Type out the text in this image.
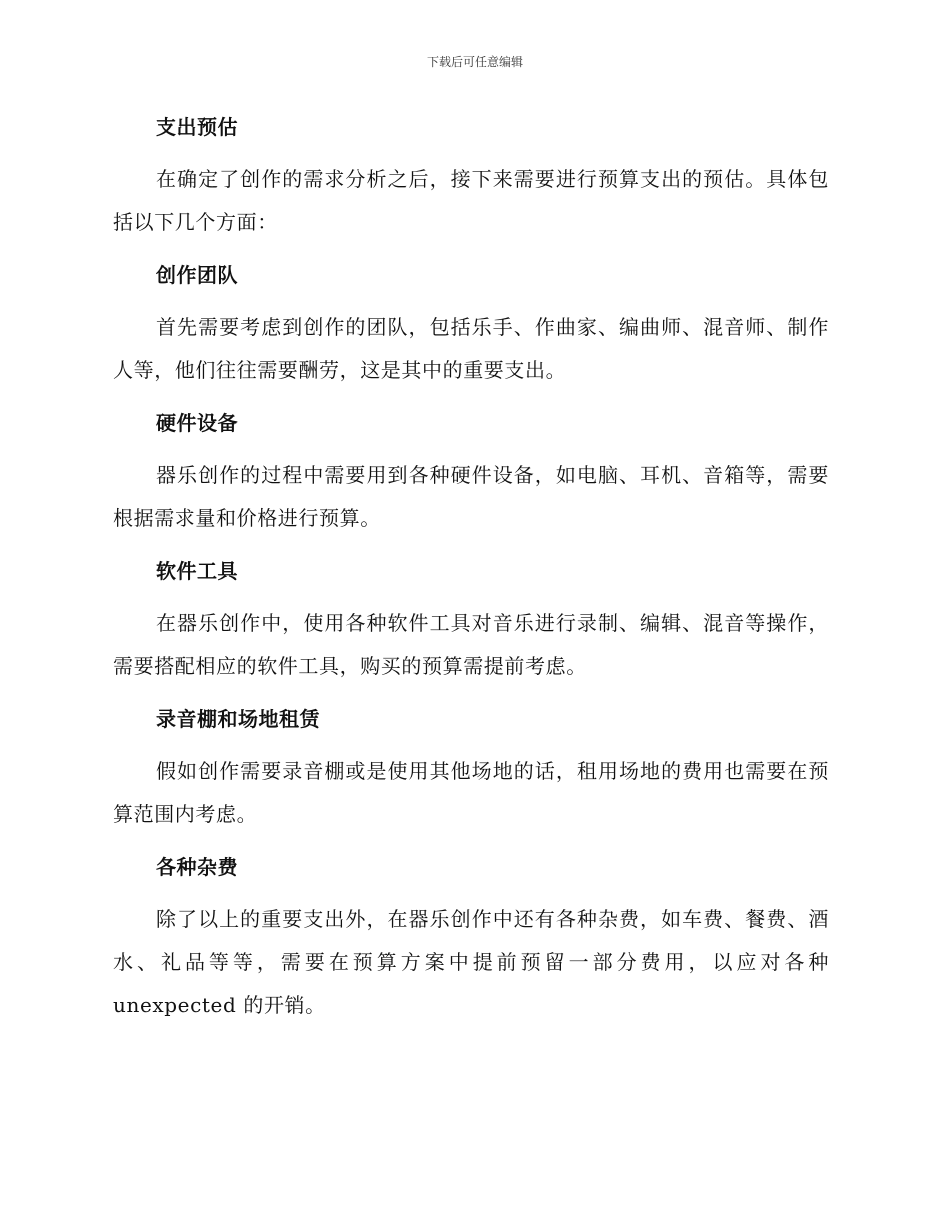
下载后可任意编辑
支出预估

在确定了创作的需求分析之后，接下来需要进行预算支出的预估。具体包括以下几个方面：

创作团队

首先需要考虑到创作的团队，包括乐手、作曲家、编曲师、混音师、制作人等，他们往往需要酬劳，这是其中的重要支出。

硬件设备

器乐创作的过程中需要用到各种硬件设备，如电脑、耳机、音箱等，需要根据需求量和价格进行预算。

软件工具

在器乐创作中，使用各种软件工具对音乐进行录制、编辑、混音等操作，需要搭配相应的软件工具，购买的预算需提前考虑。

录音棚和场地租赁

假如创作需要录音棚或是使用其他场地的话，租用场地的费用也需要在预算范围内考虑。

各种杂费

除了以上的重要支出外，在器乐创作中还有各种杂费，如车费、餐费、酒水、礼品等等，需要在预算方案中提前预留一部分费用，以应对各种 unexpected 的开销。
